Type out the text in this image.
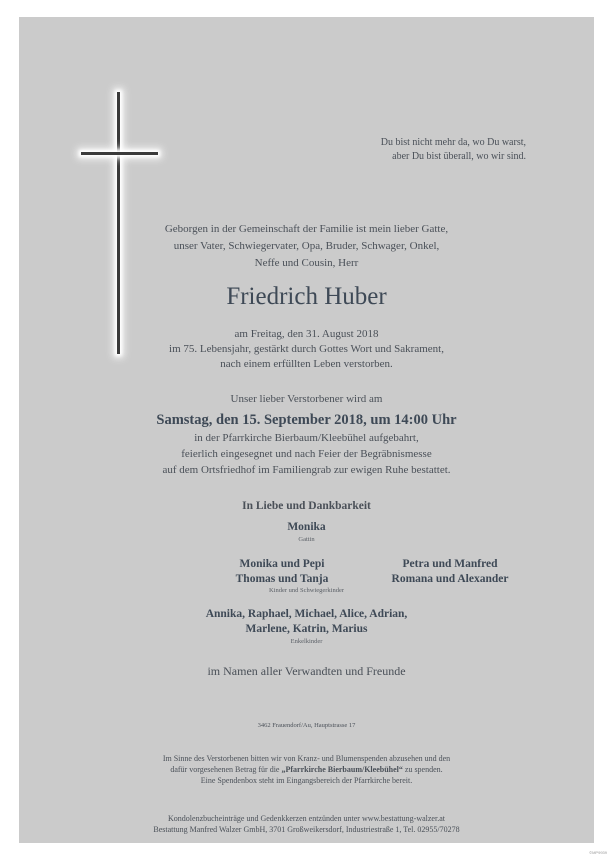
Du bist nicht mehr da, wo Du warst,
aber Du bist überall, wo wir sind.
Geborgen in der Gemeinschaft der Familie ist mein lieber Gatte,
unser Vater, Schwiegervater, Opa, Bruder, Schwager, Onkel,
Neffe und Cousin, Herr
Friedrich Huber
am Freitag, den 31. August 2018
im 75. Lebensjahr, gestärkt durch Gottes Wort und Sakrament,
nach einem erfüllten Leben verstorben.
Unser lieber Verstorbener wird am
Samstag, den 15. September 2018, um 14:00 Uhr
in der Pfarrkirche Bierbaum/Kleebühel aufgebahrt,
feierlich eingesegnet und nach Feier der Begräbnismesse
auf dem Ortsfriedhof im Familiengrab zur ewigen Ruhe bestattet.
In Liebe und Dankbarkeit
Monika
Gattin
Monika und Pepi
Thomas und Tanja
Petra und Manfred
Romana und Alexander
Kinder und Schwiegerkinder
Annika, Raphael, Michael, Alice, Adrian,
Marlene, Katrin, Marius
Enkelkinder
im Namen aller Verwandten und Freunde
3462 Frauendorf/Au, Hauptstrasse 17
Im Sinne des Verstorbenen bitten wir von Kranz- und Blumenspenden abzusehen und den
dafür vorgesehenen Betrag für die „Pfarrkirche Bierbaum/Kleebühel“ zu spenden.
Eine Spendenbox steht im Eingangsbereich der Pfarrkirche bereit.
Kondolenzbucheinträge und Gedenkkerzen entzünden unter www.bestattung-walzer.at
Bestattung Manfred Walzer GmbH, 3701 Großweikersdorf, Industriestraße 1, Tel. 02955/70278
©MP9939
